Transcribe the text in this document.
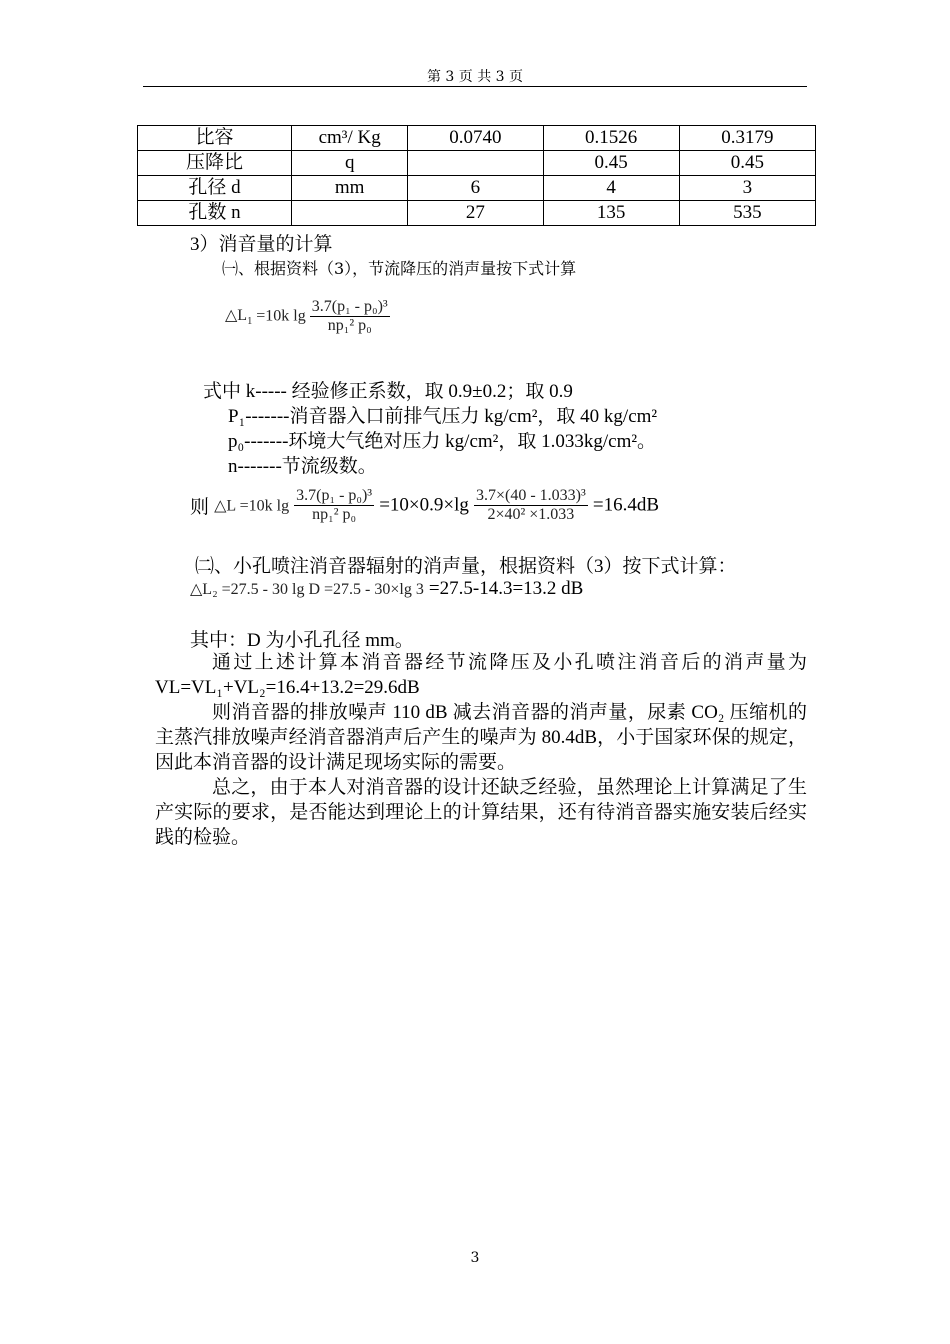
第 3 页 共 3 页
比容	cm³/ Kg	0.0740	0.1526	0.3179
压降比	q		0.45	0.45
孔径 d	mm	6	4	3
孔数 n		27	135	535
3）消音量的计算
㈠、根据资料（3），节流降压的消声量按下式计算
$\triangle L_1 =10k$ $\lg \frac{\text{3.7(p₁ - p₀)³}}{\text{np₁² p₀}}$
式中 k----- 经验修正系数，取 0.9±0.2；取 0.9
P₁-------消音器入口前排气压力 kg/cm²，取 40 kg/cm²
p₀-------环境大气绝对压力 kg/cm²，取 1.033kg/cm²。
n-------节流级数。
则 △L =10k $\lg \frac{\text{3.7(p₁ - p₀)³}}{\text{np₁² p₀}} =10\times 0.9\times\lg \frac{\text{3.7×(40 - 1.033)³}}{\text{2×40² ×1.033}} =16.4dB$
㈡、小孔喷注消音器辐射的消声量，根据资料（3）按下式计算：
△L₂ =27.5 - 30 lg D =27.5 - 30×lg 3 =27.5-14.3=13.2 dB
其中：D 为小孔孔径 mm。
通过上述计算本消音器经节流降压及小孔喷注消音后的消声量为 VL=VL₁+VL₂=16.4+13.2=29.6dB
则消音器的排放噪声 110 dB 减去消音器的消声量，尿素 CO₂ 压缩机的主蒸汽排放噪声经消音器消声后产生的噪声为 80.4dB，小于国家环保的规定，因此本消音器的设计满足现场实际的需要。
总之，由于本人对消音器的设计还缺乏经验，虽然理论上计算满足了生产实际的要求，是否能达到理论上的计算结果，还有待消音器实施安装后经实践的检验。
3
